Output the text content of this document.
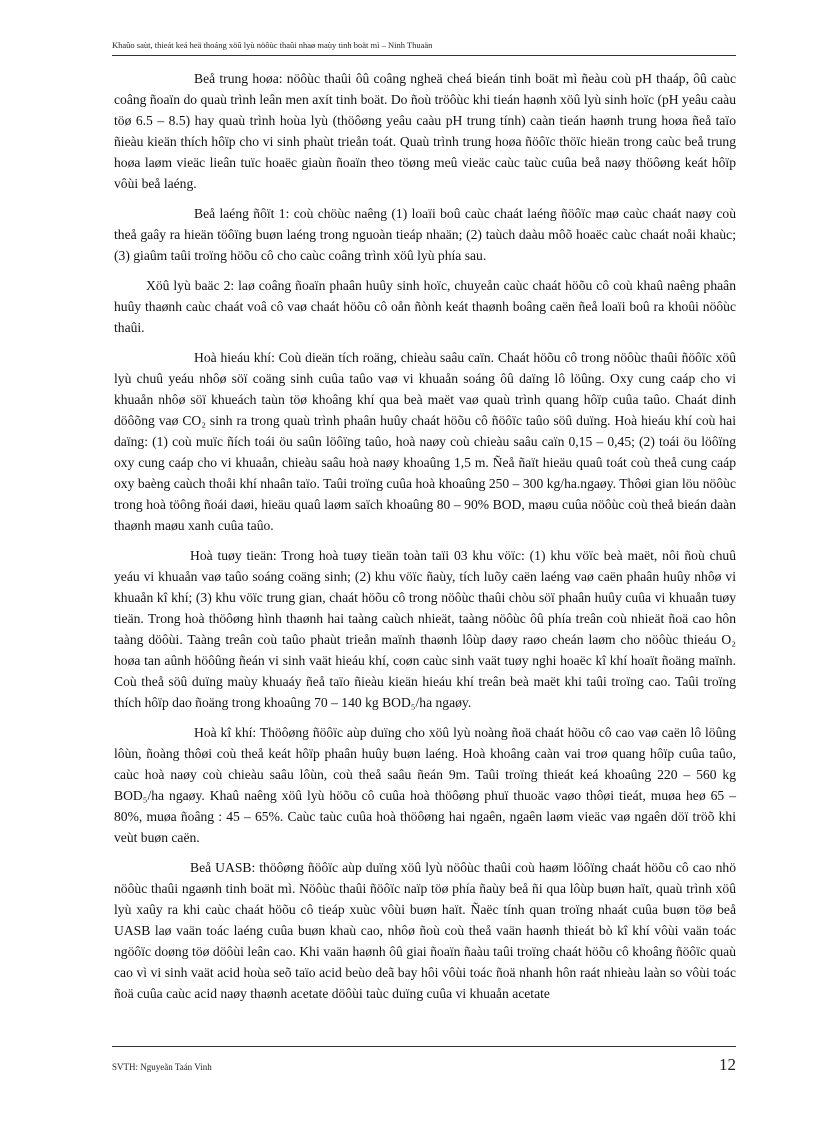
Khaûo saùt, thieát keá heä thoáng xöû lyù nöôùc thaûi nhaø maùy tinh boät mì – Ninh Thuaän

Beå trung hoøa: nöôùc thaûi ôû coâng ngheä cheá bieán tinh boät mì ñeàu coù pH thaáp, ôû caùc coâng ñoaïn do quaù trình leân men axít tinh boät. Do ñoù tröôùc khi tieán haønh xöû lyù sinh hoïc (pH yeâu caàu töø 6.5 – 8.5) hay quaù trình hoùa lyù (thöôøng yeâu caàu pH trung tính) caàn tieán haønh trung hoøa ñeå taïo ñieàu kieän thích hôïp cho vi sinh phaùt trieån toát. Quaù trình trung hoøa ñöôïc thöïc hieän trong caùc beå trung hoøa laøm vieäc lieân tuïc hoaëc giaùn ñoaïn theo töøng meû vieäc caùc taùc cuûa beå naøy thöôøng keát hôïp vôùi beå laéng.

Beå laéng ñôït 1: coù chöùc naêng (1) loaïi boû caùc chaát laéng ñöôïc maø caùc chaát naøy coù theå gaây ra hieän töôïng buøn laéng trong nguoàn tieáp nhaän; (2) taùch daàu môõ hoaëc caùc chaát noåi khaùc; (3) giaûm taûi troïng höõu cô cho caùc coâng trình xöû lyù phía sau.

Xöû lyù baäc 2: laø coâng ñoaïn phaân huûy sinh hoïc, chuyeån caùc chaát höõu cô coù khaû naêng phaân huûy thaønh caùc chaát voâ cô vaø chaát höõu cô oån ñònh keát thaønh boâng caën ñeå loaïi boû ra khoûi nöôùc thaûi.

Hoà hieáu khí: Coù dieän tích roäng, chieàu saâu caïn. Chaát höõu cô trong nöôùc thaûi ñöôïc xöû lyù chuû yeáu nhôø söï coäng sinh cuûa taûo vaø vi khuaån soáng ôû daïng lô löûng. Oxy cung caáp cho vi khuaån nhôø söï khueách taùn töø khoâng khí qua beà maët vaø quaù trình quang hôïp cuûa taûo. Chaát dinh döôõng vaø CO₂ sinh ra trong quaù trình phaân huûy chaát höõu cô ñöôïc taûo söû duïng. Hoà hieáu khí coù hai daïng: (1) coù muïc ñích toái öu saûn löôïng taûo, hoà naøy coù chieàu saâu caïn 0,15 – 0,45; (2) toái öu löôïng oxy cung caáp cho vi khuaån, chieàu saâu hoà naøy khoaûng 1,5 m. Ñeå ñaït hieäu quaû toát coù theå cung caáp oxy baèng caùch thoåi khí nhaân taïo. Taûi troïng cuûa hoà khoaûng 250 – 300 kg/ha.ngaøy. Thôøi gian löu nöôùc trong hoà töông ñoái daøi, hieäu quaû laøm saïch khoaûng 80 – 90% BOD, maøu cuûa nöôùc coù theå bieán daàn thaønh maøu xanh cuûa taûo.

Hoà tuøy tieän: Trong hoà tuøy tieän toàn taïi 03 khu vöïc: (1) khu vöïc beà maët, nôi ñoù chuû yeáu vi khuaån vaø taûo soáng coäng sinh; (2) khu vöïc ñaùy, tích luõy caën laéng vaø caën phaân huûy nhôø vi khuaån kî khí; (3) khu vöïc trung gian, chaát höõu cô trong nöôùc thaûi chòu söï phaân huûy cuûa vi khuaån tuøy tieän. Trong hoà thöôøng hình thaønh hai taàng caùch nhieät, taàng nöôùc ôû phía treân coù nhieät ñoä cao hôn taàng döôùi. Taàng treân coù taûo phaùt trieån maïnh thaønh lôùp daøy raøo cheán laøm cho nöôùc thieáu O₂ hoøa tan aûnh höôûng ñeán vi sinh vaät hieáu khí, coøn caùc sinh vaät tuøy nghi hoaëc kî khí hoaït ñoäng maïnh. Coù theå söû duïng maùy khuaáy ñeå taïo ñieàu kieän hieáu khí treân beà maët khi taûi troïng cao. Taûi troïng thích hôïp dao ñoäng trong khoaûng 70 – 140 kg BOD₅/ha ngaøy.

Hoà kî khí: Thöôøng ñöôïc aùp duïng cho xöû lyù noàng ñoä chaát höõu cô cao vaø caën lô löûng lôùn, ñoàng thôøi coù theå keát hôïp phaân huûy buøn laéng. Hoà khoâng caàn vai troø quang hôïp cuûa taûo, caùc hoà naøy coù chieàu saâu lôùn, coù theå saâu ñeán 9m. Taûi troïng thieát keá khoaûng 220 – 560 kg BOD₅/ha ngaøy. Khaû naêng xöû lyù höõu cô cuûa hoà thöôøng phuï thuoäc vaøo thôøi tieát, muøa heø 65 – 80%, muøa ñoâng : 45 – 65%. Caùc taùc cuûa hoà thöôøng hai ngaên, ngaên laøm vieäc vaø ngaên döï tröõ khi veùt buøn caën.

Beå UASB: thöôøng ñöôïc aùp duïng xöû lyù nöôùc thaûi coù haøm löôïng chaát höõu cô cao nhö nöôùc thaûi ngaønh tinh boät mì. Nöôùc thaûi ñöôïc naïp töø phía ñaùy beå ñi qua lôùp buøn haït, quaù trình xöû lyù xaûy ra khi caùc chaát höõu cô tieáp xuùc vôùi buøn haït. Ñaëc tính quan troïng nhaát cuûa buøn töø beå UASB laø vaän toác laéng cuûa buøn khaù cao, nhôø ñoù coù theå vaän haønh thieát bò kî khí vôùi vaän toác ngöôïc doøng töø döôùi leân cao. Khi vaän haønh ôû giai ñoaïn ñaàu taûi troïng chaát höõu cô khoâng ñöôïc quaù cao vì vi sinh vaät acid hoùa seõ taïo acid beùo deã bay hôi vôùi toác ñoä nhanh hôn raát nhieàu laàn so vôùi toác ñoä cuûa caùc acid naøy thaønh acetate döôùi taùc duïng cuûa vi khuaån acetate

SVTH: Nguyeãn Taán Vinh	12
